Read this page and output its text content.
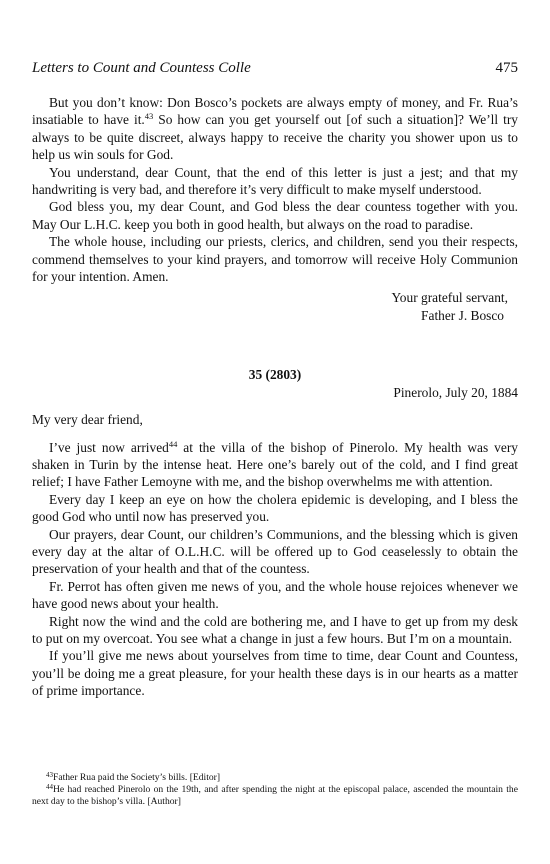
Letters to Count and Countess Colle	475

But you don’t know: Don Bosco’s pockets are always empty of money, and Fr. Rua’s insatiable to have it.$^{43}$ So how can you get yourself out [of such a situation]? We’ll try always to be quite discreet, always happy to receive the charity you shower upon us to help us win souls for God.

You understand, dear Count, that the end of this letter is just a jest; and that my handwriting is very bad, and therefore it’s very difficult to make myself understood.

God bless you, my dear Count, and God bless the dear countess together with you. May Our L.H.C. keep you both in good health, but always on the road to paradise.

The whole house, including our priests, clerics, and children, send you their respects, commend themselves to your kind prayers, and tomorrow will receive Holy Communion for your intention. Amen.

Your grateful servant,
Father J. Bosco
35 (2803)
Pinerolo, July 20, 1884

My very dear friend,

I’ve just now arrived$^{44}$ at the villa of the bishop of Pinerolo. My health was very shaken in Turin by the intense heat. Here one’s barely out of the cold, and I find great relief; I have Father Lemoyne with me, and the bishop overwhelms me with attention.

Every day I keep an eye on how the cholera epidemic is developing, and I bless the good God who until now has preserved you.

Our prayers, dear Count, our children’s Communions, and the blessing which is given every day at the altar of O.L.H.C. will be offered up to God ceaselessly to obtain the preservation of your health and that of the countess.

Fr. Perrot has often given me news of you, and the whole house rejoices whenever we have good news about your health.

Right now the wind and the cold are bothering me, and I have to get up from my desk to put on my overcoat. You see what a change in just a few hours. But I’m on a mountain.

If you’ll give me news about yourselves from time to time, dear Count and Countess, you’ll be doing me a great pleasure, for your health these days is in our hearts as a matter of prime importance.

$^{43}$Father Rua paid the Society’s bills. [Editor]

$^{44}$He had reached Pinerolo on the 19th, and after spending the night at the episcopal palace, ascended the mountain the next day to the bishop’s villa. [Author]
